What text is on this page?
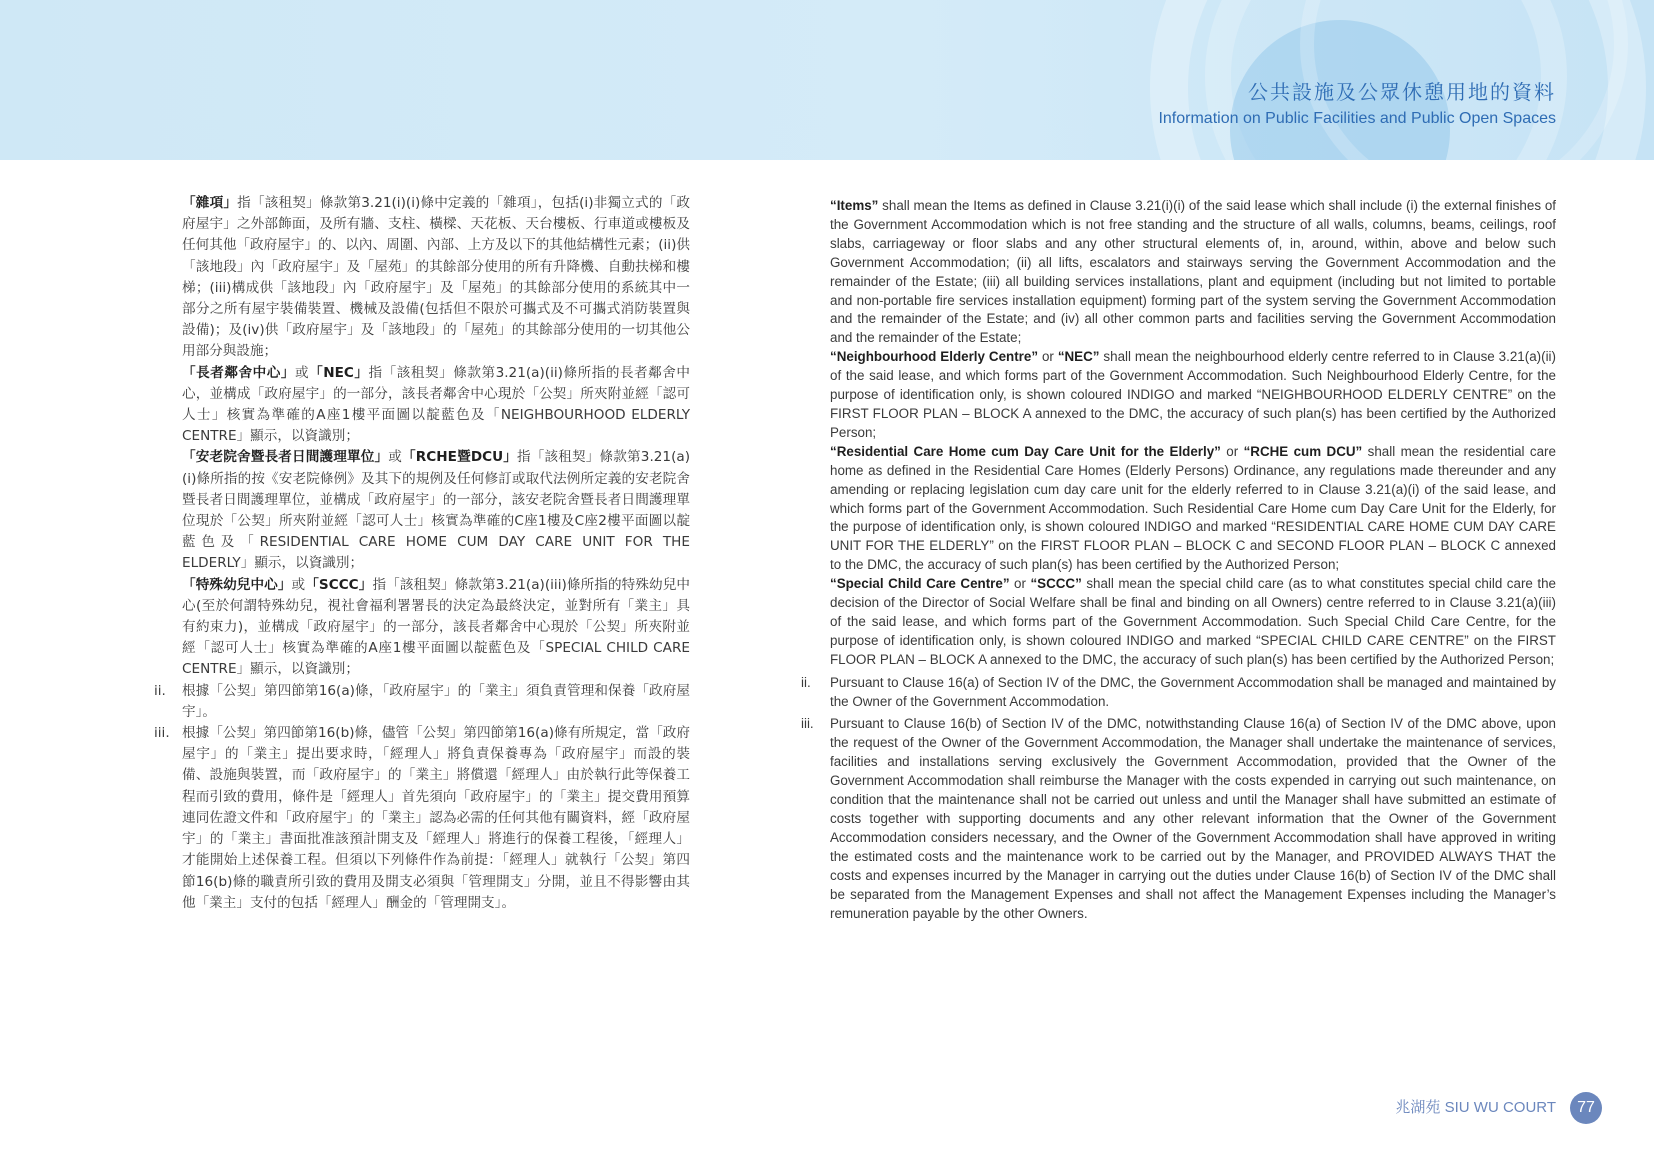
公共設施及公眾休憩用地的資料
Information on Public Facilities and Public Open Spaces
「雜項」指「該租契」條款第3.21(i)(i)條中定義的「雜項」，包括(i)非獨立式的「政府屋宇」之外部飾面，及所有牆、支柱、橫樑、天花板、天台樓板、行車道或樓板及任何其他「政府屋宇」的、以內、周圍、內部、上方及以下的其他結構性元素；(ii)供「該地段」內「政府屋宇」及「屋苑」的其餘部分使用的所有升降機、自動扶梯和樓梯；(iii)構成供「該地段」內「政府屋宇」及「屋苑」的其餘部分使用的系統其中一部分之所有屋宇裝備裝置、機械及設備(包括但不限於可攜式及不可攜式消防裝置與設備)；及(iv)供「政府屋宇」及「該地段」的「屋苑」的其餘部分使用的一切其他公用部分與設施；
「長者鄰舍中心」或「NEC」指「該租契」條款第3.21(a)(ii)條所指的長者鄰舍中心，並構成「政府屋宇」的一部分，該長者鄰舍中心現於「公契」所夾附並經「認可人士」核實為準確的A座1樓平面圖以靛藍色及「NEIGHBOURHOOD ELDERLY CENTRE」顯示，以資識別；
「安老院舍暨長者日間護理單位」或「RCHE暨DCU」指「該租契」條款第3.21(a)(i)條所指的按《安老院條例》及其下的規例及任何修訂或取代法例所定義的安老院舍暨長者日間護理單位，並構成「政府屋宇」的一部分，該安老院舍暨長者日間護理單位現於「公契」所夾附並經「認可人士」核實為準確的C座1樓及C座2樓平面圖以靛藍色及「RESIDENTIAL CARE HOME CUM DAY CARE UNIT FOR THE ELDERLY」顯示，以資識別；
「特殊幼兒中心」或「SCCC」指「該租契」條款第3.21(a)(iii)條所指的特殊幼兒中心(至於何謂特殊幼兒，視社會福利署署長的決定為最終決定，並對所有「業主」具有約束力)，並構成「政府屋宇」的一部分，該長者鄰舍中心現於「公契」所夾附並經「認可人士」核實為準確的A座1樓平面圖以靛藍色及「SPECIAL CHILD CARE CENTRE」顯示，以資識別；
ii. 根據「公契」第四節第16(a)條，「政府屋宇」的「業主」須負責管理和保養「政府屋宇」。
iii. 根據「公契」第四節第16(b)條，儘管「公契」第四節第16(a)條有所規定，當「政府屋宇」的「業主」提出要求時，「經理人」將負責保養專為「政府屋宇」而設的裝備、設施與裝置，而「政府屋宇」的「業主」將償還「經理人」由於執行此等保養工程而引致的費用，條件是「經理人」首先須向「政府屋宇」的「業主」提交費用預算連同佐證文件和「政府屋宇」的「業主」認為必需的任何其他有關資料，經「政府屋宇」的「業主」書面批准該預計開支及「經理人」將進行的保養工程後，「經理人」才能開始上述保養工程。但須以下列條件作為前提：「經理人」就執行「公契」第四節16(b)條的職責所引致的費用及開支必須與「管理開支」分開，並且不得影響由其他「業主」支付的包括「經理人」酬金的「管理開支」。
“Items” shall mean the Items as defined in Clause 3.21(i)(i) of the said lease which shall include (i) the external finishes of the Government Accommodation which is not free standing and the structure of all walls, columns, beams, ceilings, roof slabs, carriageway or floor slabs and any other structural elements of, in, around, within, above and below such Government Accommodation; (ii) all lifts, escalators and stairways serving the Government Accommodation and the remainder of the Estate; (iii) all building services installations, plant and equipment (including but not limited to portable and non-portable fire services installation equipment) forming part of the system serving the Government Accommodation and the remainder of the Estate; and (iv) all other common parts and facilities serving the Government Accommodation and the remainder of the Estate;
“Neighbourhood Elderly Centre” or “NEC” shall mean the neighbourhood elderly centre referred to in Clause 3.21(a)(ii) of the said lease, and which forms part of the Government Accommodation. Such Neighbourhood Elderly Centre, for the purpose of identification only, is shown coloured INDIGO and marked “NEIGHBOURHOOD ELDERLY CENTRE” on the FIRST FLOOR PLAN – BLOCK A annexed to the DMC, the accuracy of such plan(s) has been certified by the Authorized Person;
“Residential Care Home cum Day Care Unit for the Elderly” or “RCHE cum DCU” shall mean the residential care home as defined in the Residential Care Homes (Elderly Persons) Ordinance, any regulations made thereunder and any amending or replacing legislation cum day care unit for the elderly referred to in Clause 3.21(a)(i) of the said lease, and which forms part of the Government Accommodation. Such Residential Care Home cum Day Care Unit for the Elderly, for the purpose of identification only, is shown coloured INDIGO and marked “RESIDENTIAL CARE HOME CUM DAY CARE UNIT FOR THE ELDERLY” on the FIRST FLOOR PLAN – BLOCK C and SECOND FLOOR PLAN – BLOCK C annexed to the DMC, the accuracy of such plan(s) has been certified by the Authorized Person;
“Special Child Care Centre” or “SCCC” shall mean the special child care (as to what constitutes special child care the decision of the Director of Social Welfare shall be final and binding on all Owners) centre referred to in Clause 3.21(a)(iii) of the said lease, and which forms part of the Government Accommodation. Such Special Child Care Centre, for the purpose of identification only, is shown coloured INDIGO and marked “SPECIAL CHILD CARE CENTRE” on the FIRST FLOOR PLAN – BLOCK A annexed to the DMC, the accuracy of such plan(s) has been certified by the Authorized Person;
ii. Pursuant to Clause 16(a) of Section IV of the DMC, the Government Accommodation shall be managed and maintained by the Owner of the Government Accommodation.
iii. Pursuant to Clause 16(b) of Section IV of the DMC, notwithstanding Clause 16(a) of Section IV of the DMC above, upon the request of the Owner of the Government Accommodation, the Manager shall undertake the maintenance of services, facilities and installations serving exclusively the Government Accommodation, provided that the Owner of the Government Accommodation shall reimburse the Manager with the costs expended in carrying out such maintenance, on condition that the maintenance shall not be carried out unless and until the Manager shall have submitted an estimate of costs together with supporting documents and any other relevant information that the Owner of the Government Accommodation considers necessary, and the Owner of the Government Accommodation shall have approved in writing the estimated costs and the maintenance work to be carried out by the Manager, and PROVIDED ALWAYS THAT the costs and expenses incurred by the Manager in carrying out the duties under Clause 16(b) of Section IV of the DMC shall be separated from the Management Expenses and shall not affect the Management Expenses including the Manager’s remuneration payable by the other Owners.
兆湖苑 SIU WU COURT	77
